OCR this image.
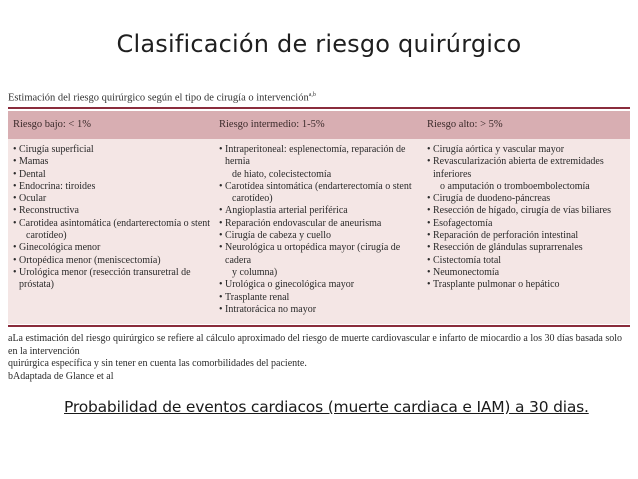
Clasificación de riesgo quirúrgico
Estimación del riesgo quirúrgico según el tipo de cirugía o intervención$^{a,b}$
Riesgo bajo: < 1%	Riesgo intermedio: 1-5%	Riesgo alto: > 5%
• Cirugía superficial
• Mamas
• Dental
• Endocrina: tiroides
• Ocular
• Reconstructiva
• Carotidea asintomática (endarterectomía o stent
carotídeo)
• Ginecológica menor
• Ortopédica menor (meniscectomía)
• Urológica menor (resección transuretral de próstata)
• Intraperitoneal: esplenectomía, reparación de hernia
de hiato, colecistectomía
• Carotídea sintomática (endarterectomía o stent
carotídeo)
• Angioplastia arterial periférica
• Reparación endovascular de aneurisma
• Cirugía de cabeza y cuello
• Neurológica u ortopédica mayor (cirugía de cadera
y columna)
• Urológica o ginecológica mayor
• Trasplante renal
• Intratorácica no mayor
• Cirugía aórtica y vascular mayor
• Revascularización abierta de extremidades inferiores
o amputación o tromboembolectomía
• Cirugía de duodeno-páncreas
• Resección de hígado, cirugía de vías biliares
• Esofagectomía
• Reparación de perforación intestinal
• Resección de glándulas suprarrenales
• Cistectomía total
• Neumonectomía
• Trasplante pulmonar o hepático
aLa estimación del riesgo quirúrgico se refiere al cálculo aproximado del riesgo de muerte cardiovascular e infarto de miocardio a los 30 días basada solo en la intervención
quirúrgica específica y sin tener en cuenta las comorbilidades del paciente.
bAdaptada de Glance et al
Probabilidad de eventos cardiacos (muerte cardiaca e IAM) a 30 dias.
